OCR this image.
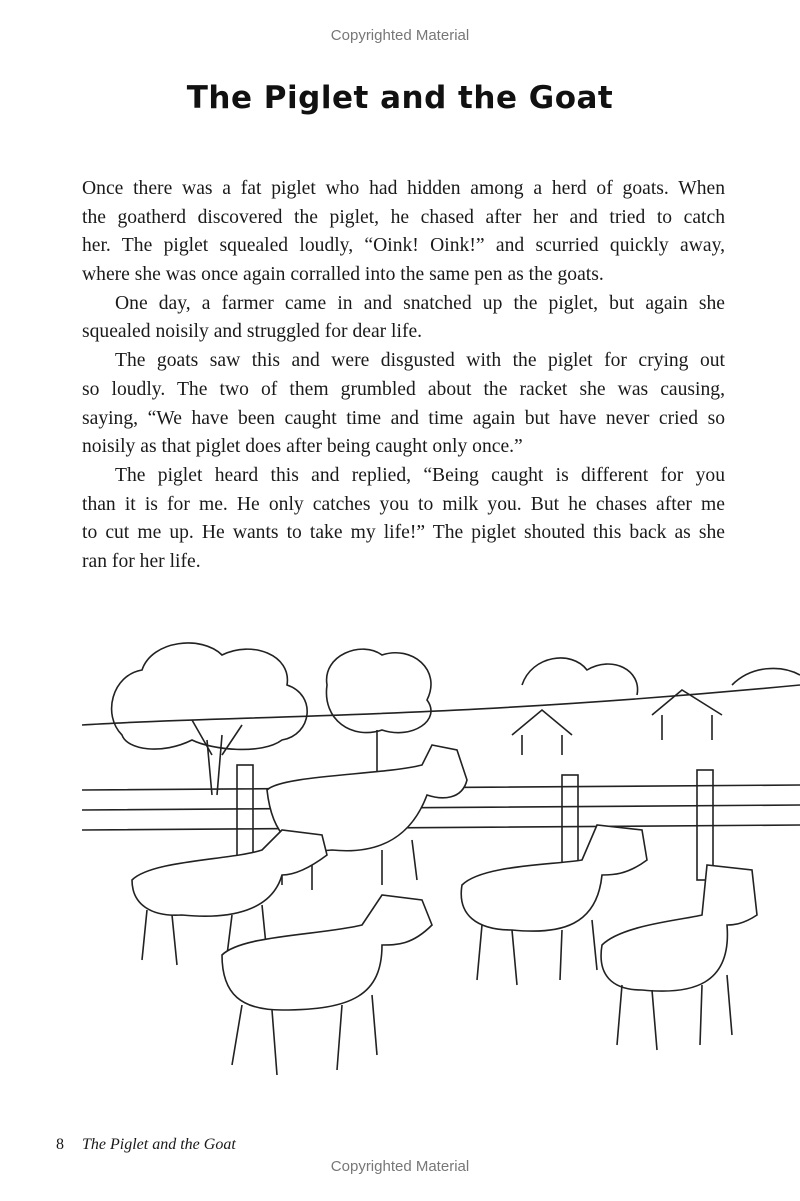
Copyrighted Material
The Piglet and the Goat
Once there was a fat piglet who had hidden among a herd of goats. When
the goatherd discovered the piglet, he chased after her and tried to catch
her. The piglet squealed loudly, “Oink! Oink!” and scurried quickly away,
where she was once again corralled into the same pen as the goats.
One day, a farmer came in and snatched up the piglet, but again she
squealed noisily and struggled for dear life.
The goats saw this and were disgusted with the piglet for crying out
so loudly. The two of them grumbled about the racket she was causing,
saying, “We have been caught time and time again but have never cried so
noisily as that piglet does after being caught only once.”
The piglet heard this and replied, “Being caught is different for you
than it is for me. He only catches you to milk you. But he chases after me
to cut me up. He wants to take my life!” The piglet shouted this back as she
ran for her life.
8 The Piglet and the Goat
Copyrighted Material
